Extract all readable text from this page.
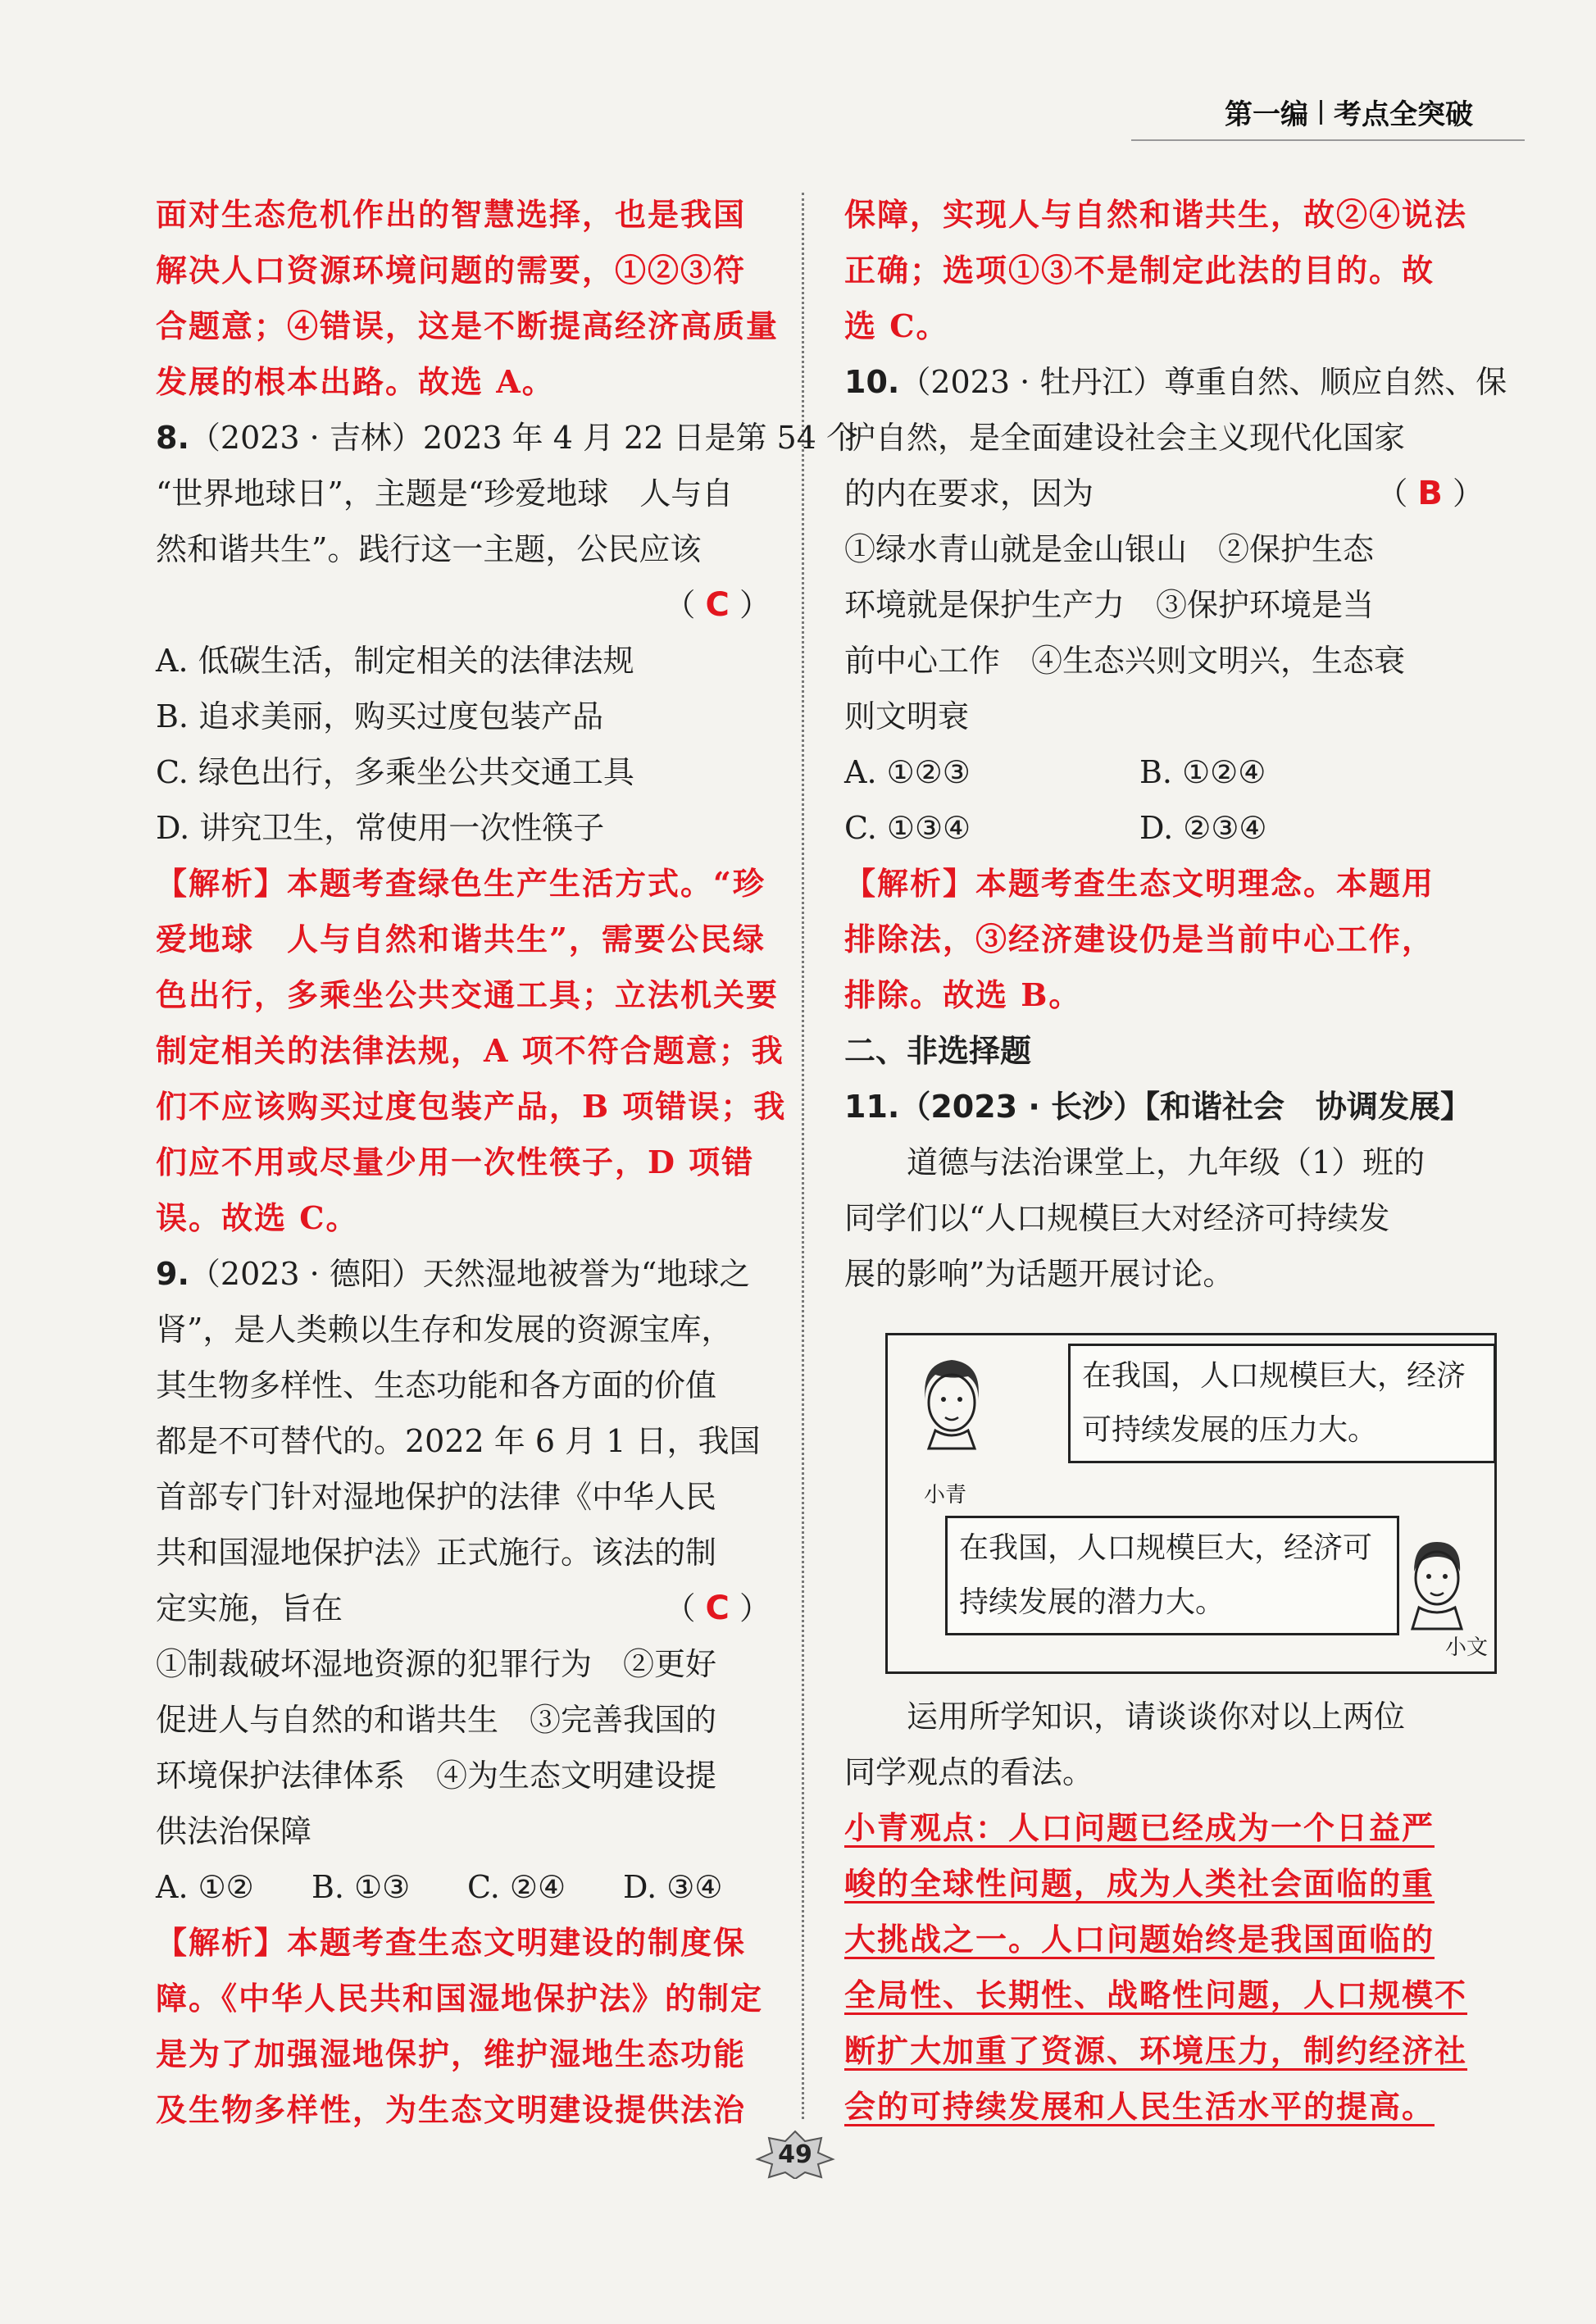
第一编 考点全突破
面对生态危机作出的智慧选择，也是我国
解决人口资源环境问题的需要，①②③符
合题意；④错误，这是不断提高经济高质量
发展的根本出路。故选 A。
8.（2023 · 吉林）2023 年 4 月 22 日是第 54 个
“世界地球日”，主题是“珍爱地球　人与自
然和谐共生”。践行这一主题，公民应该
（ C ）
A. 低碳生活，制定相关的法律法规
B. 追求美丽，购买过度包装产品
C. 绿色出行，多乘坐公共交通工具
D. 讲究卫生，常使用一次性筷子
【解析】本题考查绿色生产生活方式。“珍
爱地球　人与自然和谐共生”，需要公民绿
色出行，多乘坐公共交通工具；立法机关要
制定相关的法律法规，A 项不符合题意；我
们不应该购买过度包装产品，B 项错误；我
们应不用或尽量少用一次性筷子，D 项错
误。故选 C。
9.（2023 · 德阳）天然湿地被誉为“地球之
肾”，是人类赖以生存和发展的资源宝库，
其生物多样性、生态功能和各方面的价值
都是不可替代的。2022 年 6 月 1 日，我国
首部专门针对湿地保护的法律《中华人民
共和国湿地保护法》正式施行。该法的制
定实施，旨在	（ C ）
①制裁破坏湿地资源的犯罪行为　②更好
促进人与自然的和谐共生　③完善我国的
环境保护法律体系　④为生态文明建设提
供法治保障
A. ①②	B. ①③	C. ②④	D. ③④
【解析】本题考查生态文明建设的制度保
障。《中华人民共和国湿地保护法》的制定
是为了加强湿地保护，维护湿地生态功能
及生物多样性，为生态文明建设提供法治
保障，实现人与自然和谐共生，故②④说法
正确；选项①③不是制定此法的目的。故
选 C。
10.（2023 · 牡丹江）尊重自然、顺应自然、保
护自然，是全面建设社会主义现代化国家
的内在要求，因为	（ B ）
①绿水青山就是金山银山　②保护生态
环境就是保护生产力　③保护环境是当
前中心工作　④生态兴则文明兴，生态衰
则文明衰
A. ①②③	B. ①②④
C. ①③④	D. ②③④
【解析】本题考查生态文明理念。本题用
排除法，③经济建设仍是当前中心工作，
排除。故选 B。
二、非选择题
11.（2023 · 长沙）【和谐社会　协调发展】
道德与法治课堂上，九年级（1）班的
同学们以“人口规模巨大对经济可持续发
展的影响”为话题开展讨论。
小青
在我国，人口规模巨大，经济
可持续发展的压力大。
在我国，人口规模巨大，经济可
持续发展的潜力大。
小文
运用所学知识，请谈谈你对以上两位
同学观点的看法。
小青观点：人口问题已经成为一个日益严
峻的全球性问题，成为人类社会面临的重
大挑战之一。人口问题始终是我国面临的
全局性、长期性、战略性问题，人口规模不
断扩大加重了资源、环境压力，制约经济社
会的可持续发展和人民生活水平的提高。
49
